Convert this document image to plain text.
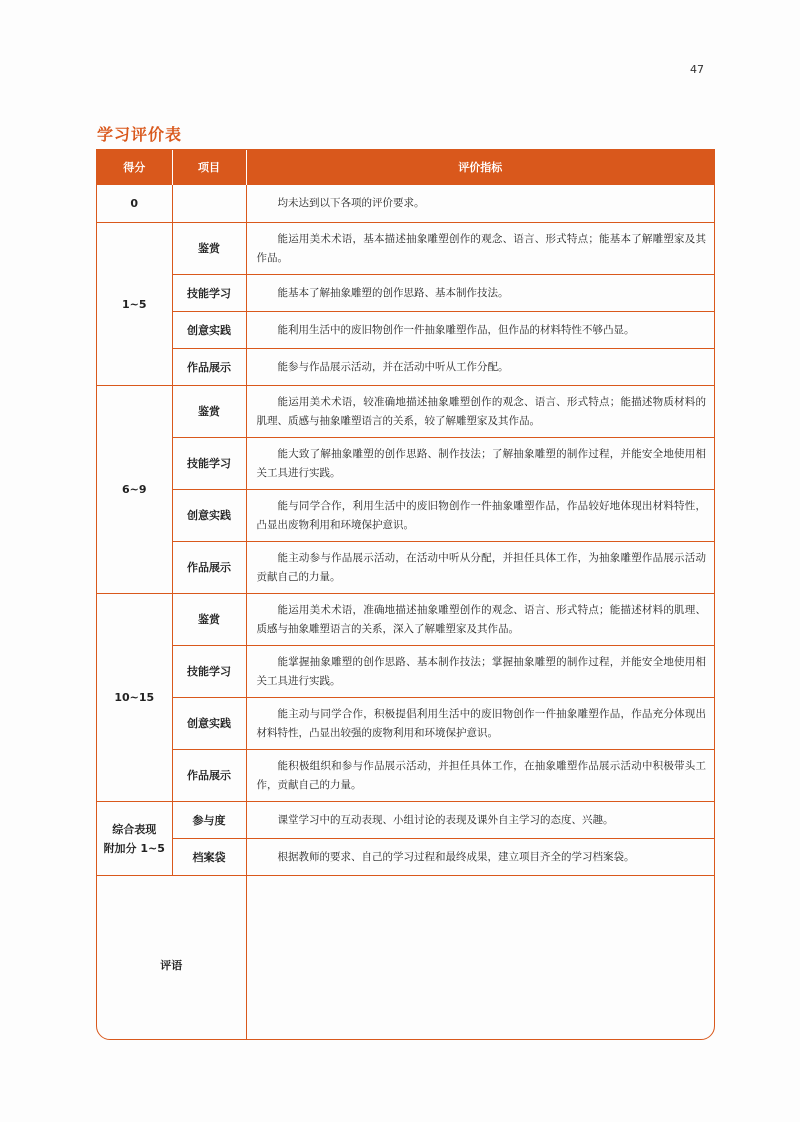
47
学习评价表
得分	项目	评价指标
0		均未达到以下各项的评价要求。
1~5	鉴赏	能运用美术术语，基本描述抽象雕塑创作的观念、语言、形式特点；能基本了解雕塑家及其作品。
	技能学习	能基本了解抽象雕塑的创作思路、基本制作技法。
	创意实践	能利用生活中的废旧物创作一件抽象雕塑作品，但作品的材料特性不够凸显。
	作品展示	能参与作品展示活动，并在活动中听从工作分配。
6~9	鉴赏	能运用美术术语，较准确地描述抽象雕塑创作的观念、语言、形式特点；能描述物质材料的肌理、质感与抽象雕塑语言的关系，较了解雕塑家及其作品。
	技能学习	能大致了解抽象雕塑的创作思路、制作技法；了解抽象雕塑的制作过程，并能安全地使用相关工具进行实践。
	创意实践	能与同学合作，利用生活中的废旧物创作一件抽象雕塑作品，作品较好地体现出材料特性，凸显出废物利用和环境保护意识。
	作品展示	能主动参与作品展示活动，在活动中听从分配，并担任具体工作，为抽象雕塑作品展示活动贡献自己的力量。
10~15	鉴赏	能运用美术术语，准确地描述抽象雕塑创作的观念、语言、形式特点；能描述材料的肌理、质感与抽象雕塑语言的关系，深入了解雕塑家及其作品。
	技能学习	能掌握抽象雕塑的创作思路、基本制作技法；掌握抽象雕塑的制作过程，并能安全地使用相关工具进行实践。
	创意实践	能主动与同学合作，积极提倡利用生活中的废旧物创作一件抽象雕塑作品，作品充分体现出材料特性，凸显出较强的废物利用和环境保护意识。
	作品展示	能积极组织和参与作品展示活动，并担任具体工作，在抽象雕塑作品展示活动中积极带头工作，贡献自己的力量。

综合表现
附加分 1~5	参与度	课堂学习中的互动表现、小组讨论的表现及课外自主学习的态度、兴趣。
	档案袋	根据教师的要求、自己的学习过程和最终成果，建立项目齐全的学习档案袋。
评语		
